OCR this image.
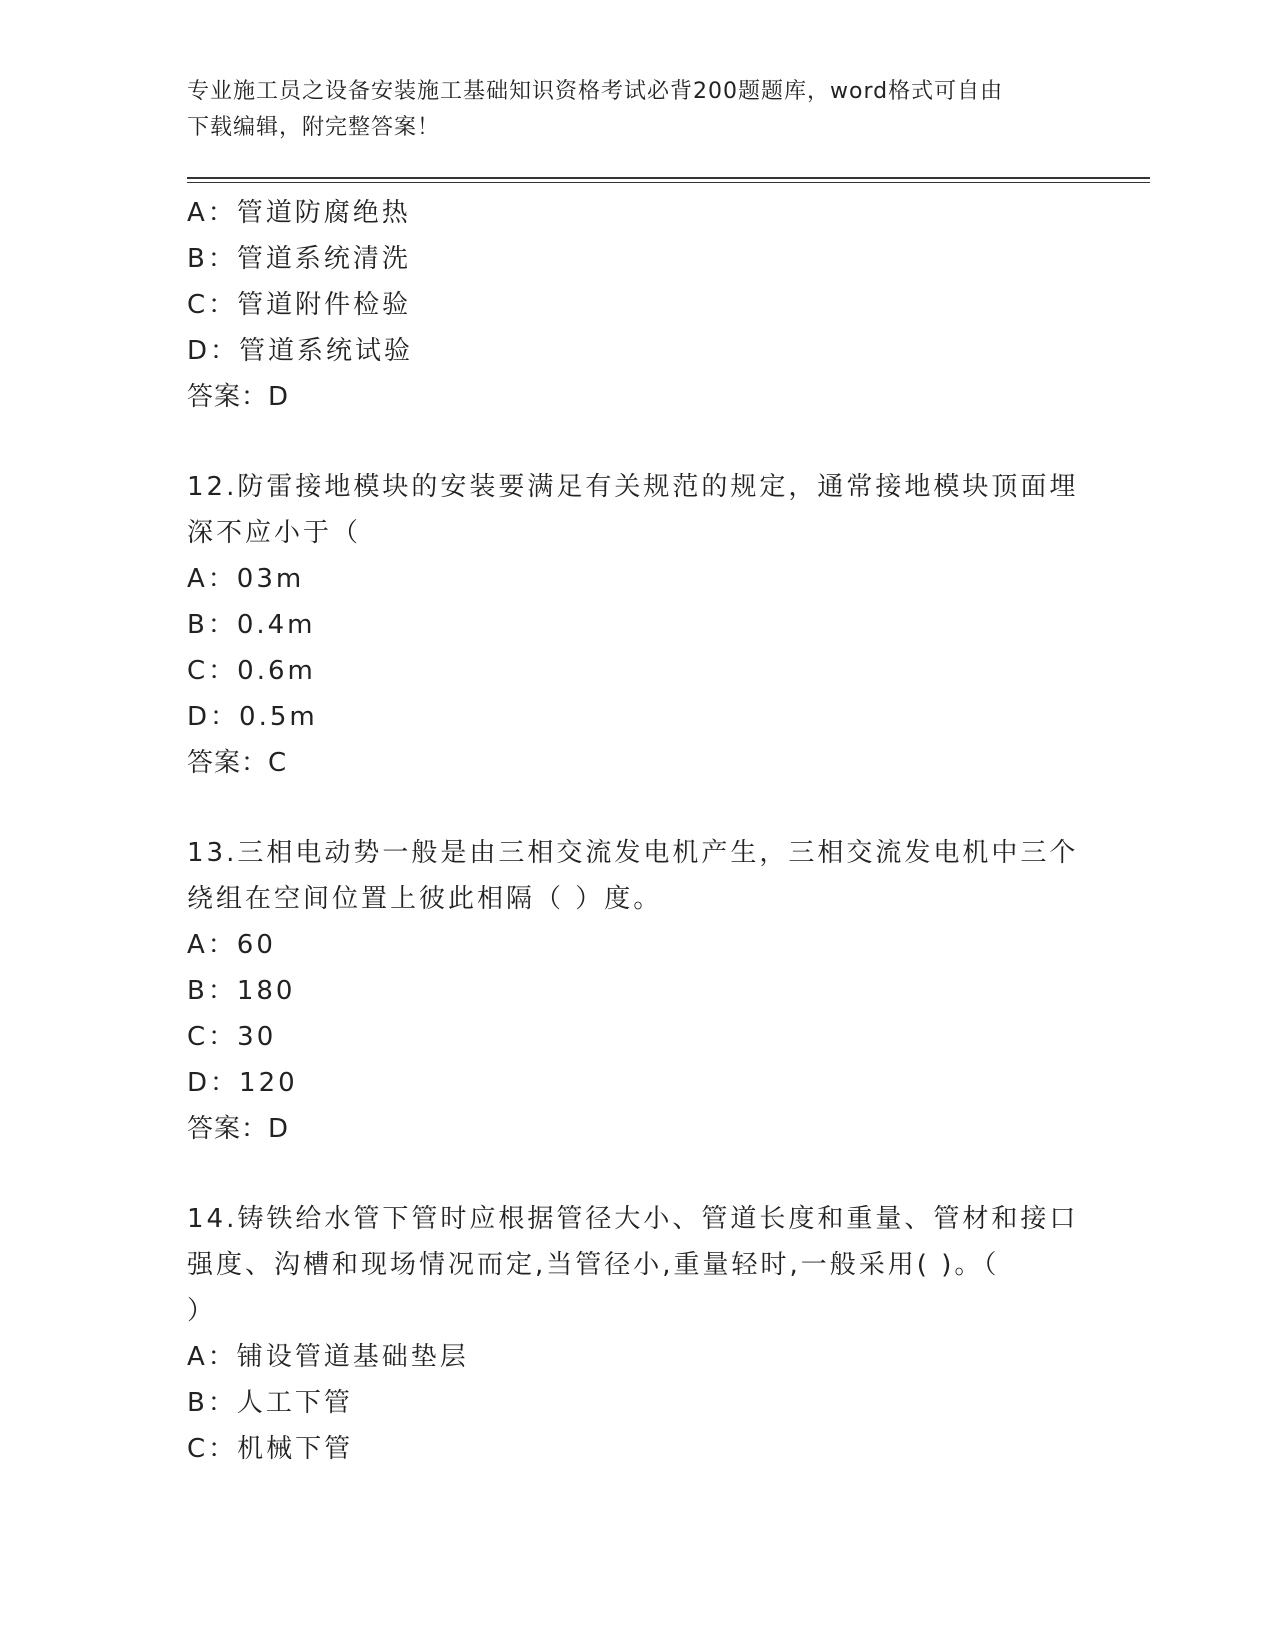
专业施工员之设备安装施工基础知识资格考试必背200题题库，word格式可自由
下载编辑，附完整答案！
A：管道防腐绝热
B：管道系统清洗
C：管道附件检验
D：管道系统试验
答案：D
12.防雷接地模块的安装要满足有关规范的规定，通常接地模块顶面埋
深不应小于（
A：03m
B：0.4m
C：0.6m
D：0.5m
答案：C
13.三相电动势一般是由三相交流发电机产生，三相交流发电机中三个
绕组在空间位置上彼此相隔（ ）度。
A：60
B：180
C：30
D：120
答案：D
14.铸铁给水管下管时应根据管径大小、管道长度和重量、管材和接口
强度、沟槽和现场情况而定,当管径小,重量轻时,一般采用( )。（
）
A：铺设管道基础垫层
B：人工下管
C：机械下管
